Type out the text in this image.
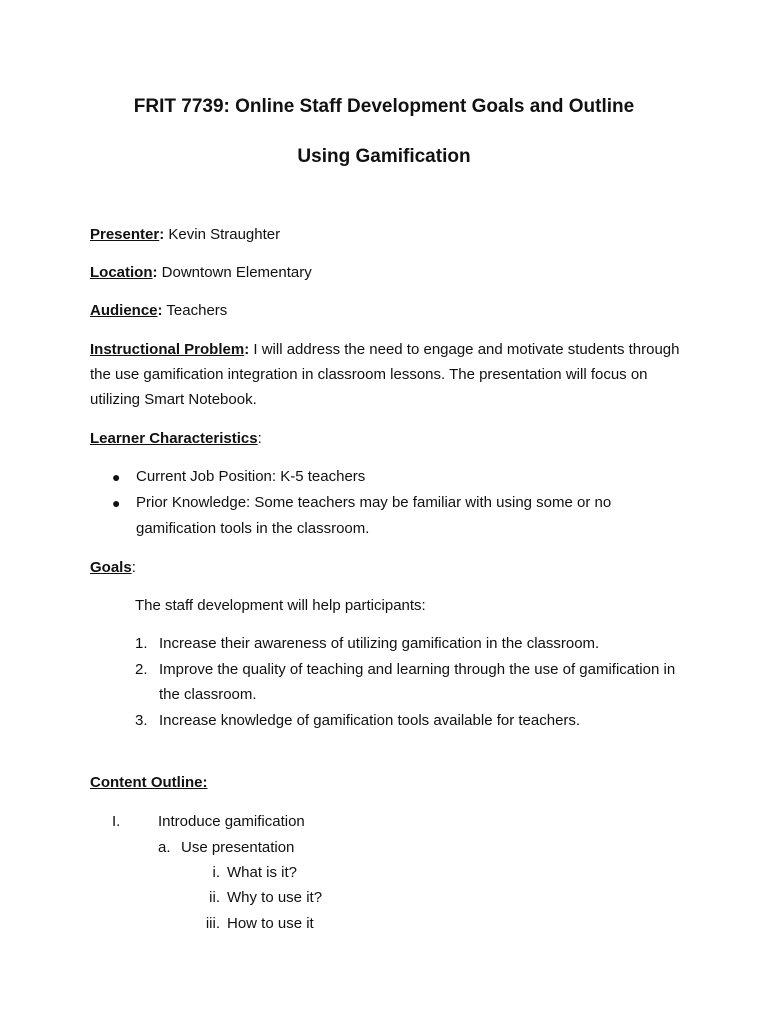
FRIT 7739: Online Staff Development Goals and Outline
Using Gamification
Presenter: Kevin Straughter
Location: Downtown Elementary
Audience: Teachers
Instructional Problem: I will address the need to engage and motivate students through the use gamification integration in classroom lessons. The presentation will focus on utilizing Smart Notebook.
Learner Characteristics:
● Current Job Position: K-5 teachers
● Prior Knowledge: Some teachers may be familiar with using some or no gamification tools in the classroom.
Goals:
The staff development will help participants:
1. Increase their awareness of utilizing gamification in the classroom.
2. Improve the quality of teaching and learning through the use of gamification in the classroom.
3. Increase knowledge of gamification tools available for teachers.
Content Outline:
I.	Introduce gamification
a. Use presentation
i. What is it?
ii. Why to use it?
iii. How to use it
